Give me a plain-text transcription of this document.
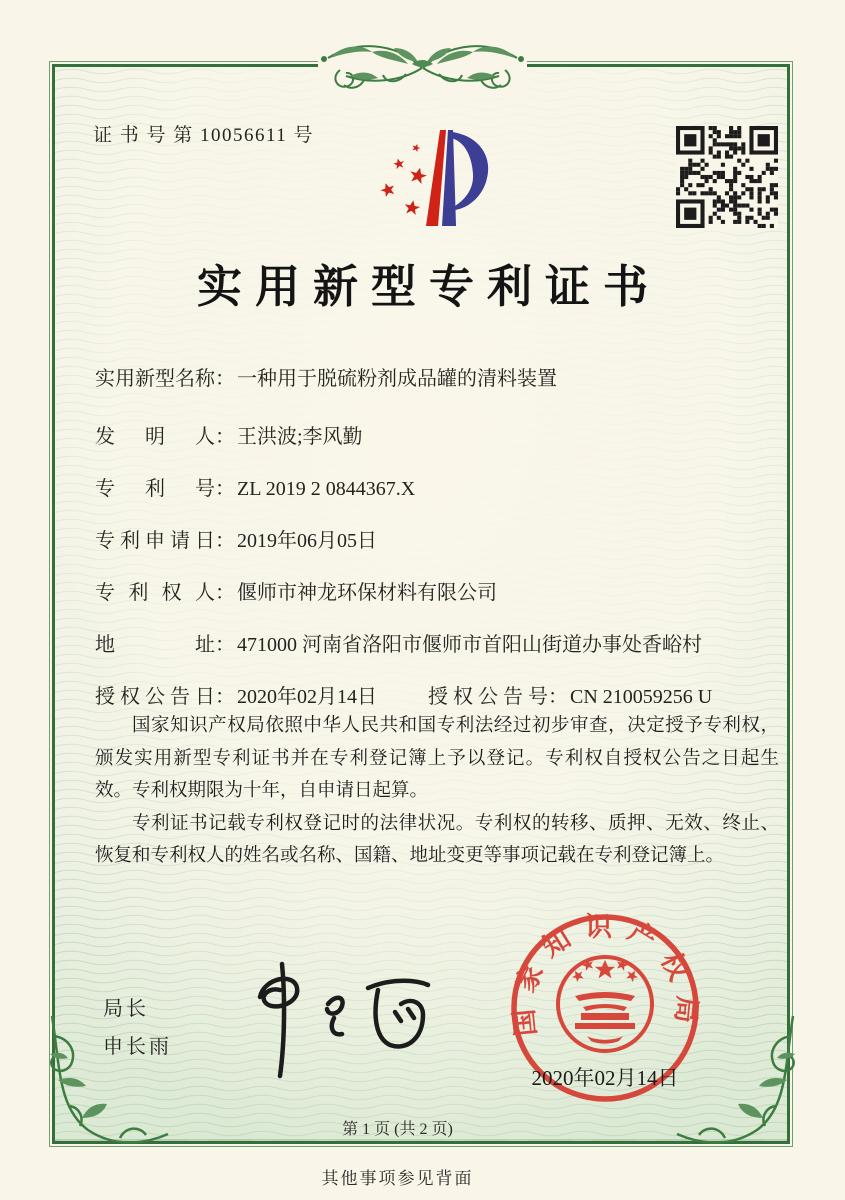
证 书 号 第 10056611 号
实用新型专利证书
实用新型名称： 一种用于脱硫粉剂成品罐的清料装置
发明人： 王洪波;李风勤
专利号： ZL 2019 2 0844367.X
专利申请日： 2019年06月05日
专利权人： 偃师市神龙环保材料有限公司
地址： 471000 河南省洛阳市偃师市首阳山街道办事处香峪村
授权公告日： 2020年02月14日	授权公告号： CN 210059256 U

国家知识产权局依照中华人民共和国专利法经过初步审查，决定授予专利权，颁发实用新型专利证书并在专利登记簿上予以登记。专利权自授权公告之日起生效。专利权期限为十年，自申请日起算。

专利证书记载专利权登记时的法律状况。专利权的转移、质押、无效、终止、恢复和专利权人的姓名或名称、国籍、地址变更等事项记载在专利登记簿上。

局长
申长雨
国家知识产权局
2020年02月14日
第 1 页 (共 2 页)
其他事项参见背面
